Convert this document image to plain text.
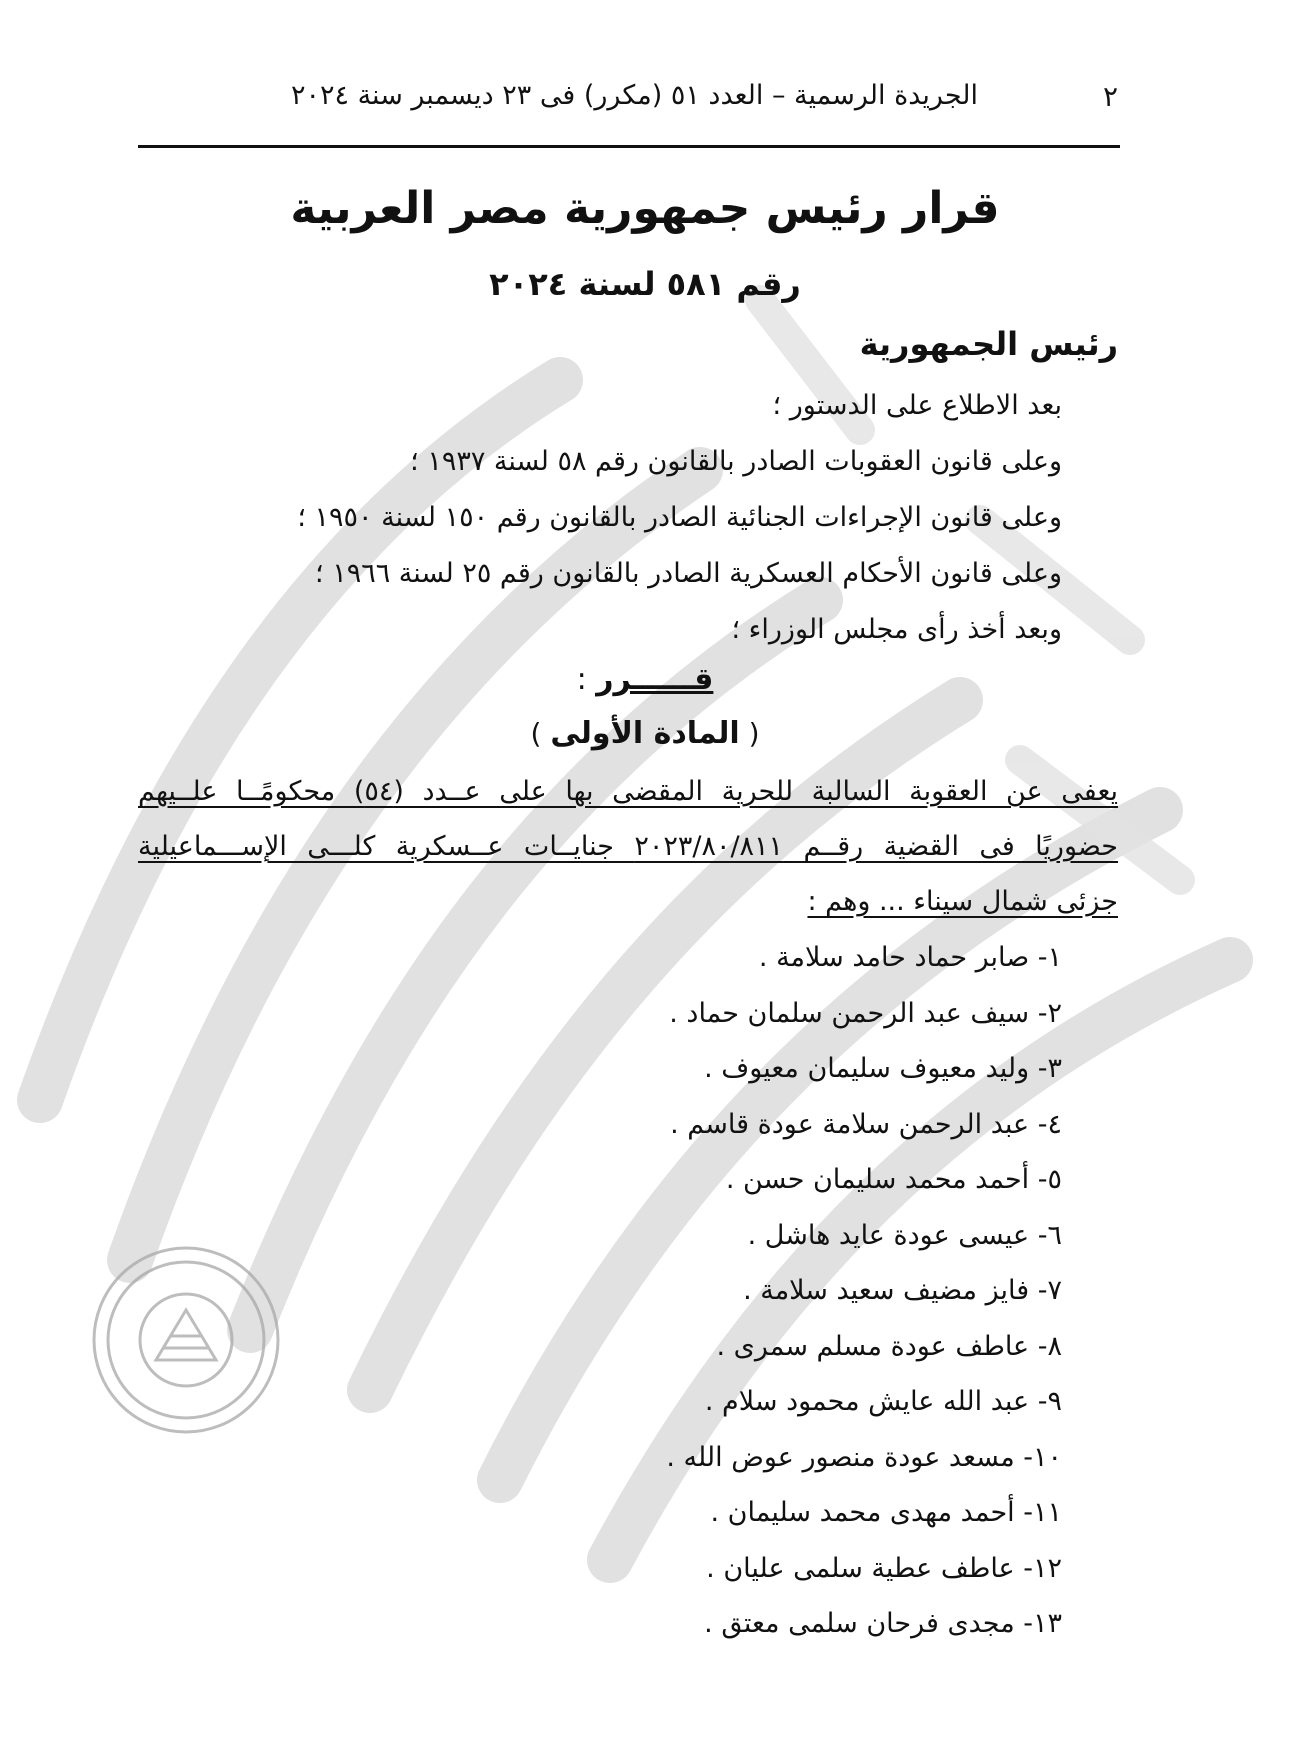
٢
الجريدة الرسمية – العدد ٥١ (مكرر) فى ٢٣ ديسمبر سنة ٢٠٢٤
قرار رئيس جمهورية مصر العربية
رقم ٥٨١ لسنة ٢٠٢٤
رئيس الجمهورية
بعد الاطلاع على الدستور ؛
وعلى قانون العقوبات الصادر بالقانون رقم ٥٨ لسنة ١٩٣٧ ؛
وعلى قانون الإجراءات الجنائية الصادر بالقانون رقم ١٥٠ لسنة ١٩٥٠ ؛
وعلى قانون الأحكام العسكرية الصادر بالقانون رقم ٢٥ لسنة ١٩٦٦ ؛
وبعد أخذ رأى مجلس الوزراء ؛
قــــــرر :
( المادة الأولى )
يعفى عن العقوبة السالبة للحرية المقضى بها على عــدد (٥٤) محكومًــا علــيهم
حضوريًا فى القضية رقــم ٢٠٢٣/٨٠/٨١١ جنايــات عــسكرية كلـــى الإســـماعيلية
جزئى شمال سيناء ... وهم :
١- صابر حماد حامد سلامة .
٢- سيف عبد الرحمن سلمان حماد .
٣- وليد معيوف سليمان معيوف .
٤- عبد الرحمن سلامة عودة قاسم .
٥- أحمد محمد سليمان حسن .
٦- عيسى عودة عايد هاشل .
٧- فايز مضيف سعيد سلامة .
٨- عاطف عودة مسلم سمرى .
٩- عبد الله عايش محمود سلام .
١٠- مسعد عودة منصور عوض الله .
١١- أحمد مهدى محمد سليمان .
١٢- عاطف عطية سلمى عليان .
١٣- مجدى فرحان سلمى معتق .
